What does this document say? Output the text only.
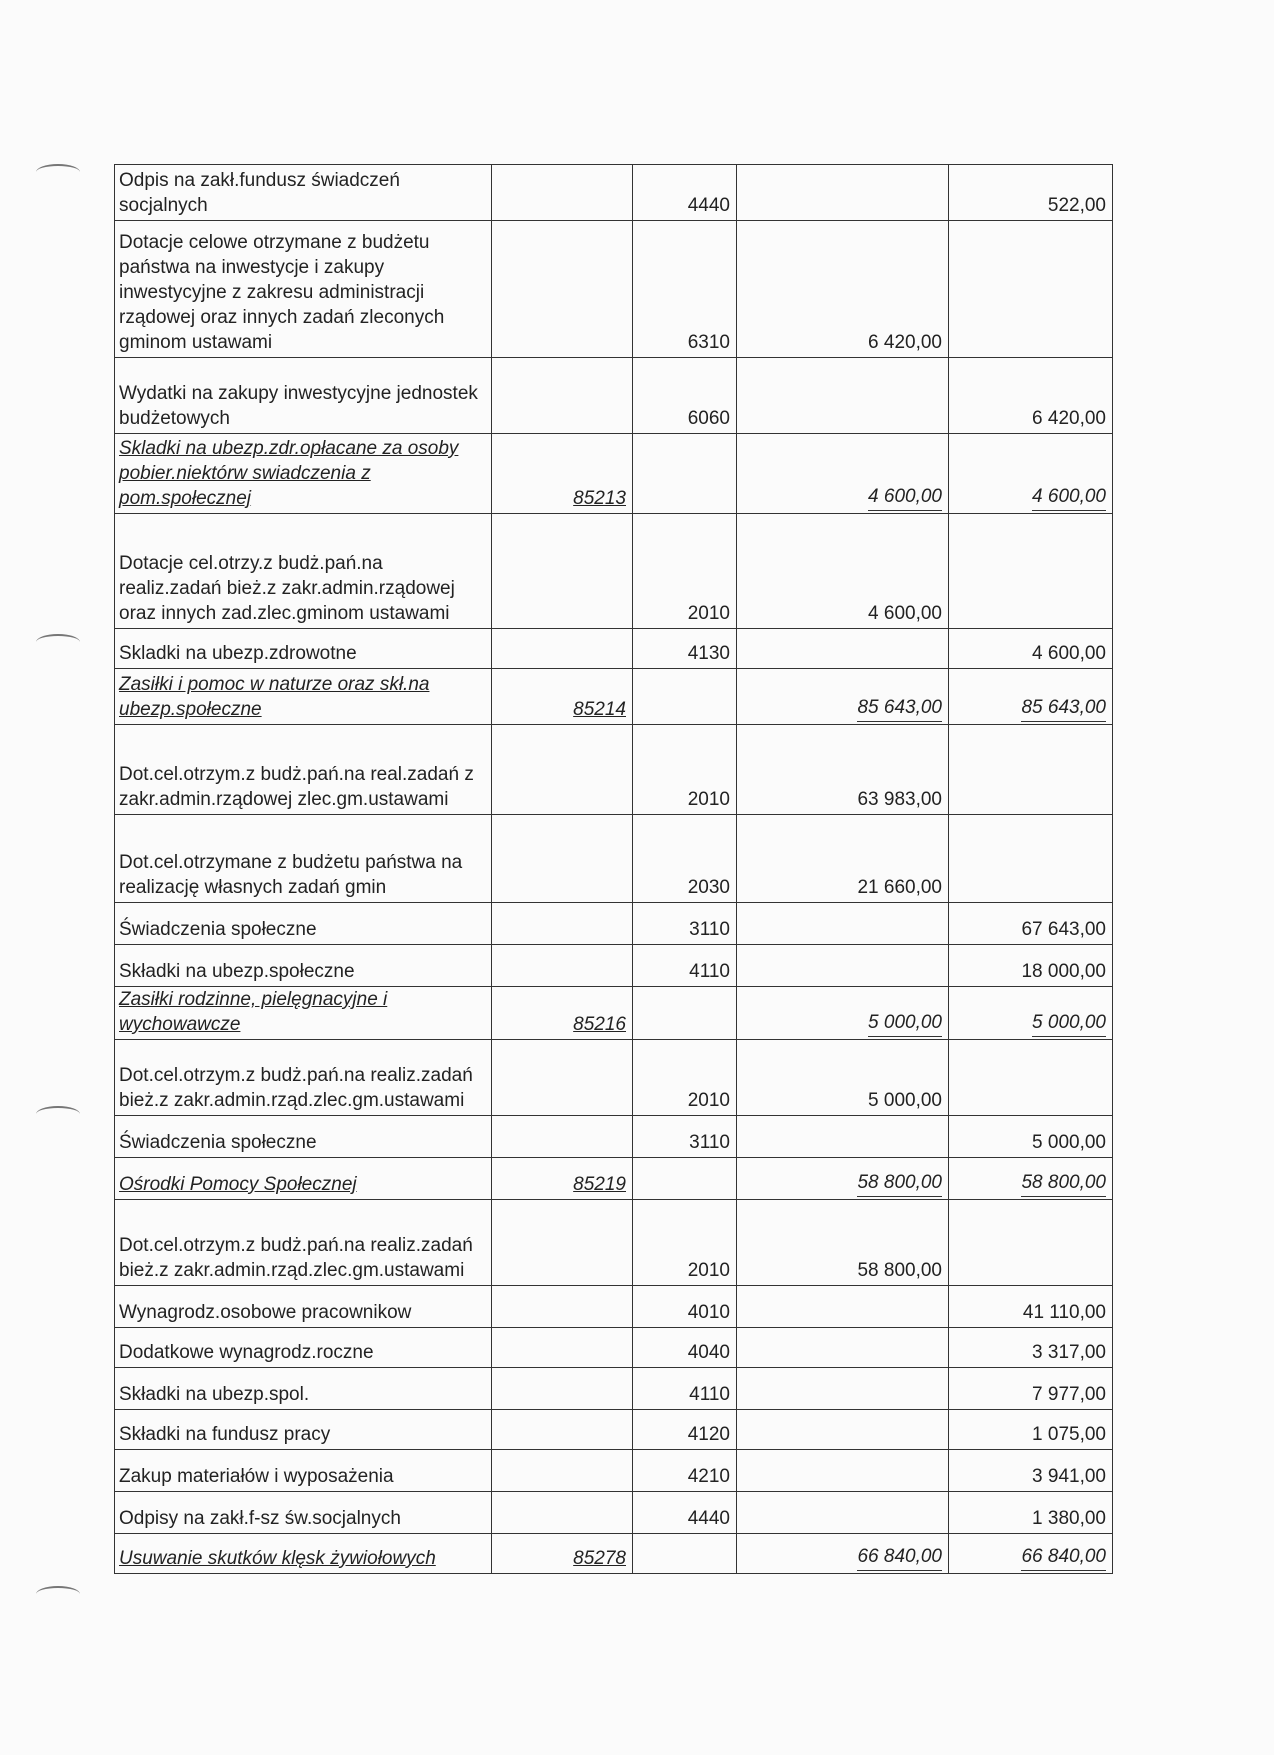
Odpis na zakł.fundusz świadczeń socjalnych		4440		522,00
Dotacje celowe otrzymane z budżetu państwa na inwestycje i zakupy inwestycyjne z zakresu administracji rządowej oraz innych zadań zleconych gminom ustawami		6310	6 420,00	
Wydatki na zakupy inwestycyjne jednostek budżetowych		6060		6 420,00
Skladki na ubezp.zdr.opłacane za osoby pobier.niektórw swiadczenia z pom.społecznej	85213		4 600,00	4 600,00
Dotacje cel.otrzy.z budż.pań.na realiz.zadań bież.z zakr.admin.rządowej oraz innych zad.zlec.gminom ustawami		2010	4 600,00	
Skladki na ubezp.zdrowotne		4130		4 600,00
Zasiłki i pomoc w naturze oraz skł.na ubezp.społeczne	85214		85 643,00	85 643,00
Dot.cel.otrzym.z budż.pań.na real.zadań z zakr.admin.rządowej zlec.gm.ustawami		2010	63 983,00	
Dot.cel.otrzymane z budżetu państwa na realizację własnych zadań gmin		2030	21 660,00	
Świadczenia społeczne		3110		67 643,00
Składki na ubezp.społeczne		4110		18 000,00
Zasiłki rodzinne, pielęgnacyjne i wychowawcze	85216		5 000,00	5 000,00
Dot.cel.otrzym.z budż.pań.na realiz.zadań bież.z zakr.admin.rząd.zlec.gm.ustawami		2010	5 000,00	
Świadczenia społeczne		3110		5 000,00
Ośrodki Pomocy Społecznej	85219		58 800,00	58 800,00
Dot.cel.otrzym.z budż.pań.na realiz.zadań bież.z zakr.admin.rząd.zlec.gm.ustawami		2010	58 800,00	
Wynagrodz.osobowe pracownikow		4010		41 110,00
Dodatkowe wynagrodz.roczne		4040		3 317,00
Składki na ubezp.spol.		4110		7 977,00
Składki na fundusz pracy		4120		1 075,00
Zakup materiałów i wyposażenia		4210		3 941,00
Odpisy na zakł.f-sz św.socjalnych		4440		1 380,00
Usuwanie skutków klęsk żywiołowych	85278		66 840,00	66 840,00
